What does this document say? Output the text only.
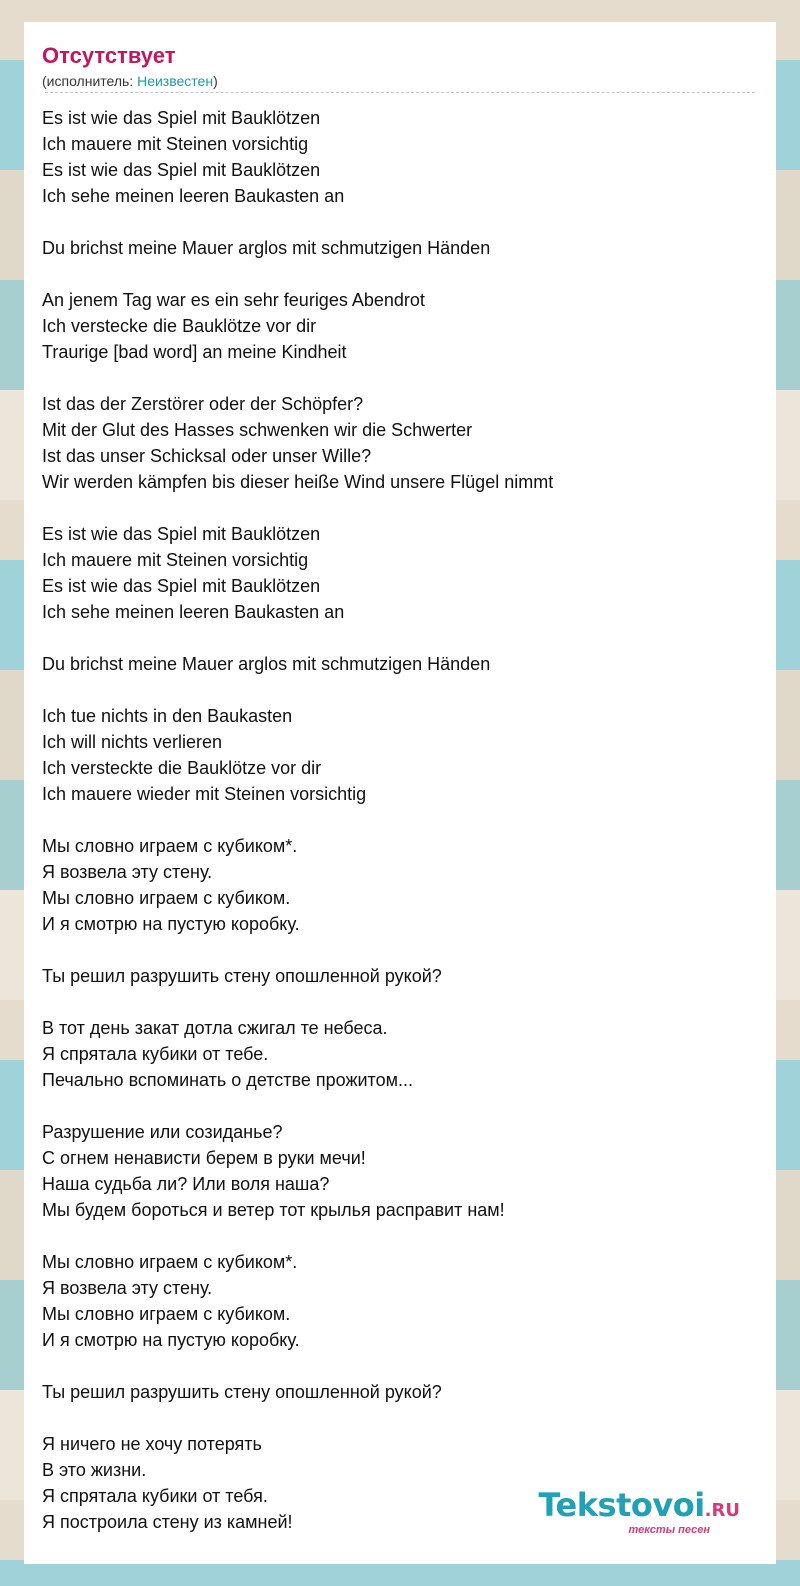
Отсутствует
(исполнитель: Неизвестен)
Es ist wie das Spiel mit Bauklötzen
Ich mauere mit Steinen vorsichtig
Es ist wie das Spiel mit Bauklötzen
Ich sehe meinen leeren Baukasten an
Du brichst meine Mauer arglos mit schmutzigen Händen
An jenem Tag war es ein sehr feuriges Abendrot
Ich verstecke die Bauklötze vor dir
Traurige [bad word] an meine Kindheit
Ist das der Zerstörer oder der Schöpfer?
Mit der Glut des Hasses schwenken wir die Schwerter
Ist das unser Schicksal oder unser Wille?
Wir werden kämpfen bis dieser heiße Wind unsere Flügel nimmt
Es ist wie das Spiel mit Bauklötzen
Ich mauere mit Steinen vorsichtig
Es ist wie das Spiel mit Bauklötzen
Ich sehe meinen leeren Baukasten an
Du brichst meine Mauer arglos mit schmutzigen Händen
Ich tue nichts in den Baukasten
Ich will nichts verlieren
Ich versteckte die Bauklötze vor dir
Ich mauere wieder mit Steinen vorsichtig
Мы словно играем с кубиком*.
Я возвела эту стену.
Мы словно играем с кубиком.
И я смотрю на пустую коробку.
Ты решил разрушить стену опошленной рукой?
В тот день закат дотла сжигал те небеса.
Я спрятала кубики от тебе.
Печально вспоминать о детстве прожитом...
Разрушение или созиданье?
С огнем ненависти берем в руки мечи!
Наша судьба ли? Или воля наша?
Мы будем бороться и ветер тот крылья расправит нам!
Мы словно играем с кубиком*.
Я возвела эту стену.
Мы словно играем с кубиком.
И я смотрю на пустую коробку.
Ты решил разрушить стену опошленной рукой?
Я ничего не хочу потерять
В это жизни.
Я спрятала кубики от тебя.
Я построила стену из камней!	Tekstovoi.RU
тексты песен
